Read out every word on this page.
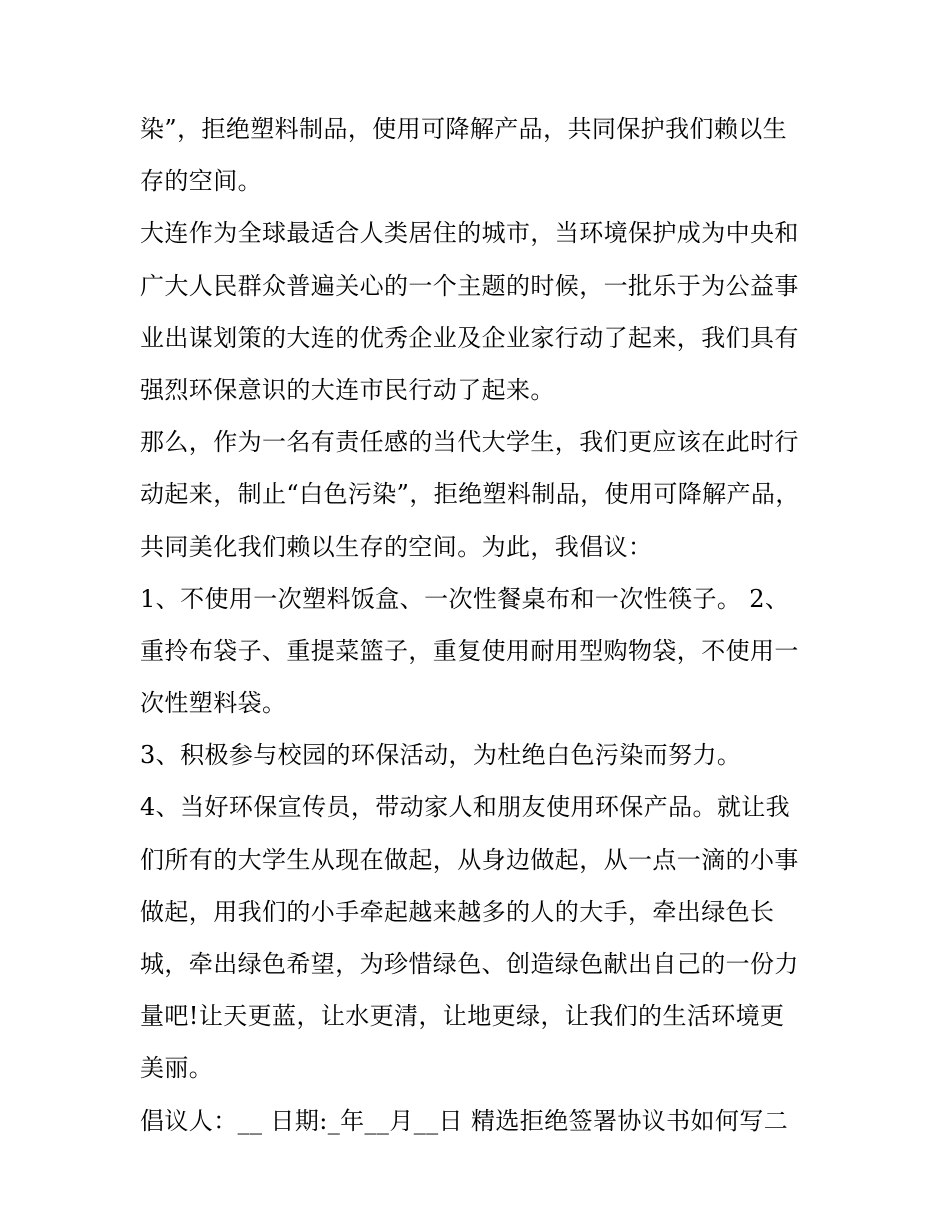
染”，拒绝塑料制品，使用可降解产品，共同保护我们赖以生
存的空间。
大连作为全球最适合人类居住的城市，当环境保护成为中央和
广大人民群众普遍关心的一个主题的时候，一批乐于为公益事
业出谋划策的大连的优秀企业及企业家行动了起来，我们具有
强烈环保意识的大连市民行动了起来。
那么，作为一名有责任感的当代大学生，我们更应该在此时行
动起来，制止“白色污染”，拒绝塑料制品，使用可降解产品，
共同美化我们赖以生存的空间。为此，我倡议：
1、不使用一次塑料饭盒、一次性餐桌布和一次性筷子。 2、
重拎布袋子、重提菜篮子，重复使用耐用型购物袋，不使用一
次性塑料袋。
3、积极参与校园的环保活动，为杜绝白色污染而努力。
4、当好环保宣传员，带动家人和朋友使用环保产品。就让我
们所有的大学生从现在做起，从身边做起，从一点一滴的小事
做起，用我们的小手牵起越来越多的人的大手，牵出绿色长
城，牵出绿色希望，为珍惜绿色、创造绿色献出自己的一份力
量吧!让天更蓝，让水更清，让地更绿，让我们的生活环境更
美丽。
倡议人：__ 日期:_年__月__日 精选拒绝签署协议书如何写二
